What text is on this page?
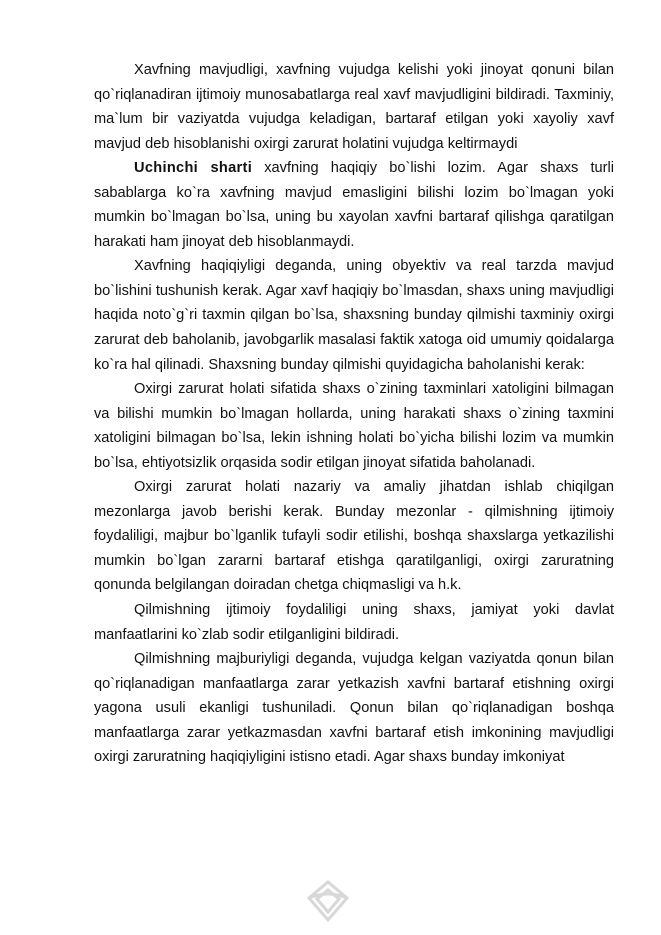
Xavfning mavjudligi, xavfning vujudga kelishi yoki jinoyat qonuni bilan qo`riqlanadiran ijtimoiy munosabatlarga real xavf mavjudligini bildiradi. Taxminiy, ma`lum bir vaziyatda vujudga keladigan, bartaraf etilgan yoki xayoliy xavf mavjud deb hisoblanishi oxirgi zarurat holatini vujudga keltirmaydi

Uchinchi sharti xavfning haqiqiy bo`lishi lozim. Agar shaxs turli sabablarga ko`ra xavfning mavjud emasligini bilishi lozim bo`lmagan yoki mumkin bo`lmagan bo`lsa, uning bu xayolan xavfni bartaraf qilishga qaratilgan harakati ham jinoyat deb hisoblanmaydi.

Xavfning haqiqiyligi deganda, uning obyektiv va real tarzda mavjud bo`lishini tushunish kerak. Agar xavf haqiqiy bo`lmasdan, shaxs uning mavjudligi haqida noto`g`ri taxmin qilgan bo`lsa, shaxsning bunday qilmishi taxminiy oxirgi zarurat deb baholanib, javobgarlik masalasi faktik xatoga oid umumiy qoidalarga ko`ra hal qilinadi. Shaxsning bunday qilmishi quyidagicha baholanishi kerak:

Oxirgi zarurat holati sifatida shaxs o`zining taxminlari xatoligini bilmagan va bilishi mumkin bo`lmagan hollarda, uning harakati shaxs o`zining taxmini xatoligini bilmagan bo`lsa, lekin ishning holati bo`yicha bilishi lozim va mumkin bo`lsa, ehtiyotsizlik orqasida sodir etilgan jinoyat sifatida baholanadi.

Oxirgi zarurat holati nazariy va amaliy jihatdan ishlab chiqilgan mezonlarga javob berishi kerak. Bunday mezonlar - qilmishning ijtimoiy foydaliligi, majbur bo`lganlik tufayli sodir etilishi, boshqa shaxslarga yetkazilishi mumkin bo`lgan zararni bartaraf etishga qaratilganligi, oxirgi zaruratning qonunda belgilangan doiradan chetga chiqmasligi va h.k.

Qilmishning ijtimoiy foydaliligi uning shaxs, jamiyat yoki davlat manfaatlarini ko`zlab sodir etilganligini bildiradi.

Qilmishning majburiyligi deganda, vujudga kelgan vaziyatda qonun bilan qo`riqlanadigan manfaatlarga zarar yetkazish xavfni bartaraf etishning oxirgi yagona usuli ekanligi tushuniladi. Qonun bilan qo`riqlanadigan boshqa manfaatlarga zarar yetkazmasdan xavfni bartaraf etish imkonining mavjudligi oxirgi zaruratning haqiqiyligini istisno etadi. Agar shaxs bunday imkoniyat
